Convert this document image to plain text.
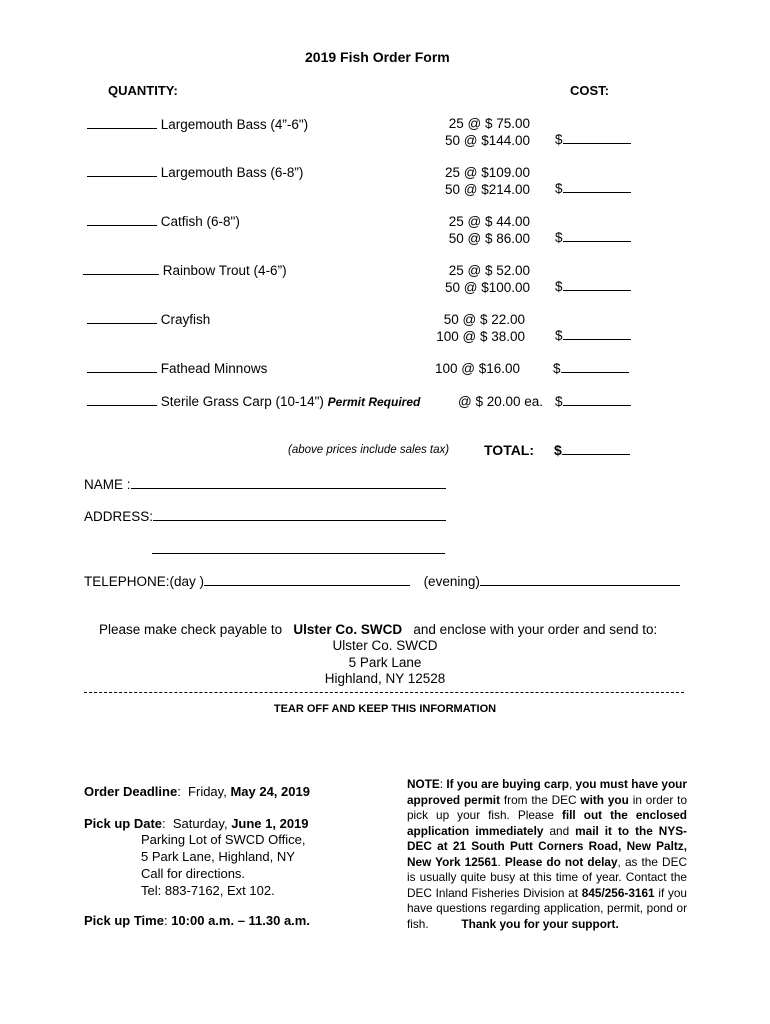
2019 Fish Order Form
QUANTITY:	COST:
Largemouth Bass (4”-6")	25 @ $ 75.00
50 @ $144.00 $
Largemouth Bass (6-8”)	25 @ $109.00
50 @ $214.00 $
Catfish (6-8")	25 @ $ 44.00
50 @ $ 86.00 $
Rainbow Trout (4-6”)	25 @ $ 52.00
50 @ $100.00 $
Crayfish	50 @ $ 22.00
100 @ $ 38.00 $
Fathead Minnows	100 @ $16.00 $
Sterile Grass Carp (10-14") Permit Required	@ $ 20.00 ea. $
(above prices include sales tax) TOTAL: $
NAME :
ADDRESS:
TELEPHONE:(day )	(evening)
Please make check payable to Ulster Co. SWCD and enclose with your order and send to:
Ulster Co. SWCD
5 Park Lane
Highland, NY 12528
TEAR OFF AND KEEP THIS INFORMATION
Order Deadline:  Friday, May 24, 2019
Pick up Date:  Saturday, June 1, 2019
Parking Lot of SWCD Office,
5 Park Lane, Highland, NY
Call for directions.
Tel: 883-7162, Ext 102.
Pick up Time: 10:00 a.m. – 11.30 a.m.
NOTE: If you are buying carp, you must have your approved permit from the DEC with you in order to pick up your fish. Please fill out the enclosed application immediately and mail it to the NYS-DEC at 21 South Putt Corners Road, New Paltz, New York 12561. Please do not delay, as the DEC is usually quite busy at this time of year. Contact the DEC Inland Fisheries Division at 845/256-3161 if you have questions regarding application, permit, pond or fish.	Thank you for your support.
